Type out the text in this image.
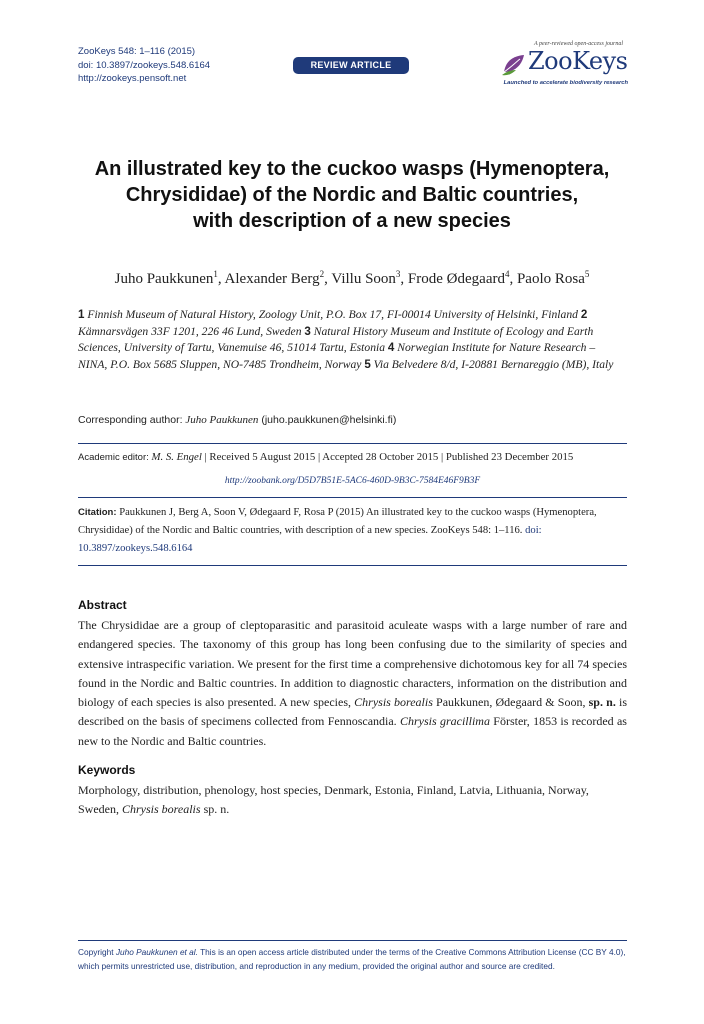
ZooKeys 548: 1–116 (2015)
doi: 10.3897/zookeys.548.6164
http://zookeys.pensoft.net
REVIEW ARTICLE
A peer-reviewed open-access journal
ZooKeys
Launched to accelerate biodiversity research
An illustrated key to the cuckoo wasps (Hymenoptera,
Chrysididae) of the Nordic and Baltic countries,
with description of a new species
Juho Paukkunen$^1$, Alexander Berg$^2$, Villu Soon$^3$, Frode Ødegaard$^4$, Paolo Rosa$^5$
1 Finnish Museum of Natural History, Zoology Unit, P.O. Box 17, FI-00014 University of Helsinki, Finland 2 Kämnarsvägen 33F 1201, 226 46 Lund, Sweden 3 Natural History Museum and Institute of Ecology and Earth Sciences, University of Tartu, Vanemuise 46, 51014 Tartu, Estonia 4 Norwegian Institute for Nature Research – NINA, P.O. Box 5685 Sluppen, NO-7485 Trondheim, Norway 5 Via Belvedere 8/d, I-20881 Bernareggio (MB), Italy
Corresponding author: Juho Paukkunen (juho.paukkunen@helsinki.fi)
Academic editor: M. S. Engel | Received 5 August 2015 | Accepted 28 October 2015 | Published 23 December 2015
http://zoobank.org/D5D7B51E-5AC6-460D-9B3C-7584E46F9B3F
Citation: Paukkunen J, Berg A, Soon V, Ødegaard F, Rosa P (2015) An illustrated key to the cuckoo wasps (Hymenoptera, Chrysididae) of the Nordic and Baltic countries, with description of a new species. ZooKeys 548: 1–116. doi: 10.3897/zookeys.548.6164
Abstract
The Chrysididae are a group of cleptoparasitic and parasitoid aculeate wasps with a large number of rare and endangered species. The taxonomy of this group has long been confusing due to the similarity of species and extensive intraspecific variation. We present for the first time a comprehensive dichotomous key for all 74 species found in the Nordic and Baltic countries. In addition to diagnostic characters, information on the distribution and biology of each species is also presented. A new species, Chrysis borealis Paukkunen, Ødegaard & Soon, sp. n. is described on the basis of specimens collected from Fennoscandia. Chrysis gracillima Förster, 1853 is recorded as new to the Nordic and Baltic countries.
Keywords
Morphology, distribution, phenology, host species, Denmark, Estonia, Finland, Latvia, Lithuania, Norway, Sweden, Chrysis borealis sp. n.
Copyright Juho Paukkunen et al. This is an open access article distributed under the terms of the Creative Commons Attribution License (CC BY 4.0), which permits unrestricted use, distribution, and reproduction in any medium, provided the original author and source are credited.
